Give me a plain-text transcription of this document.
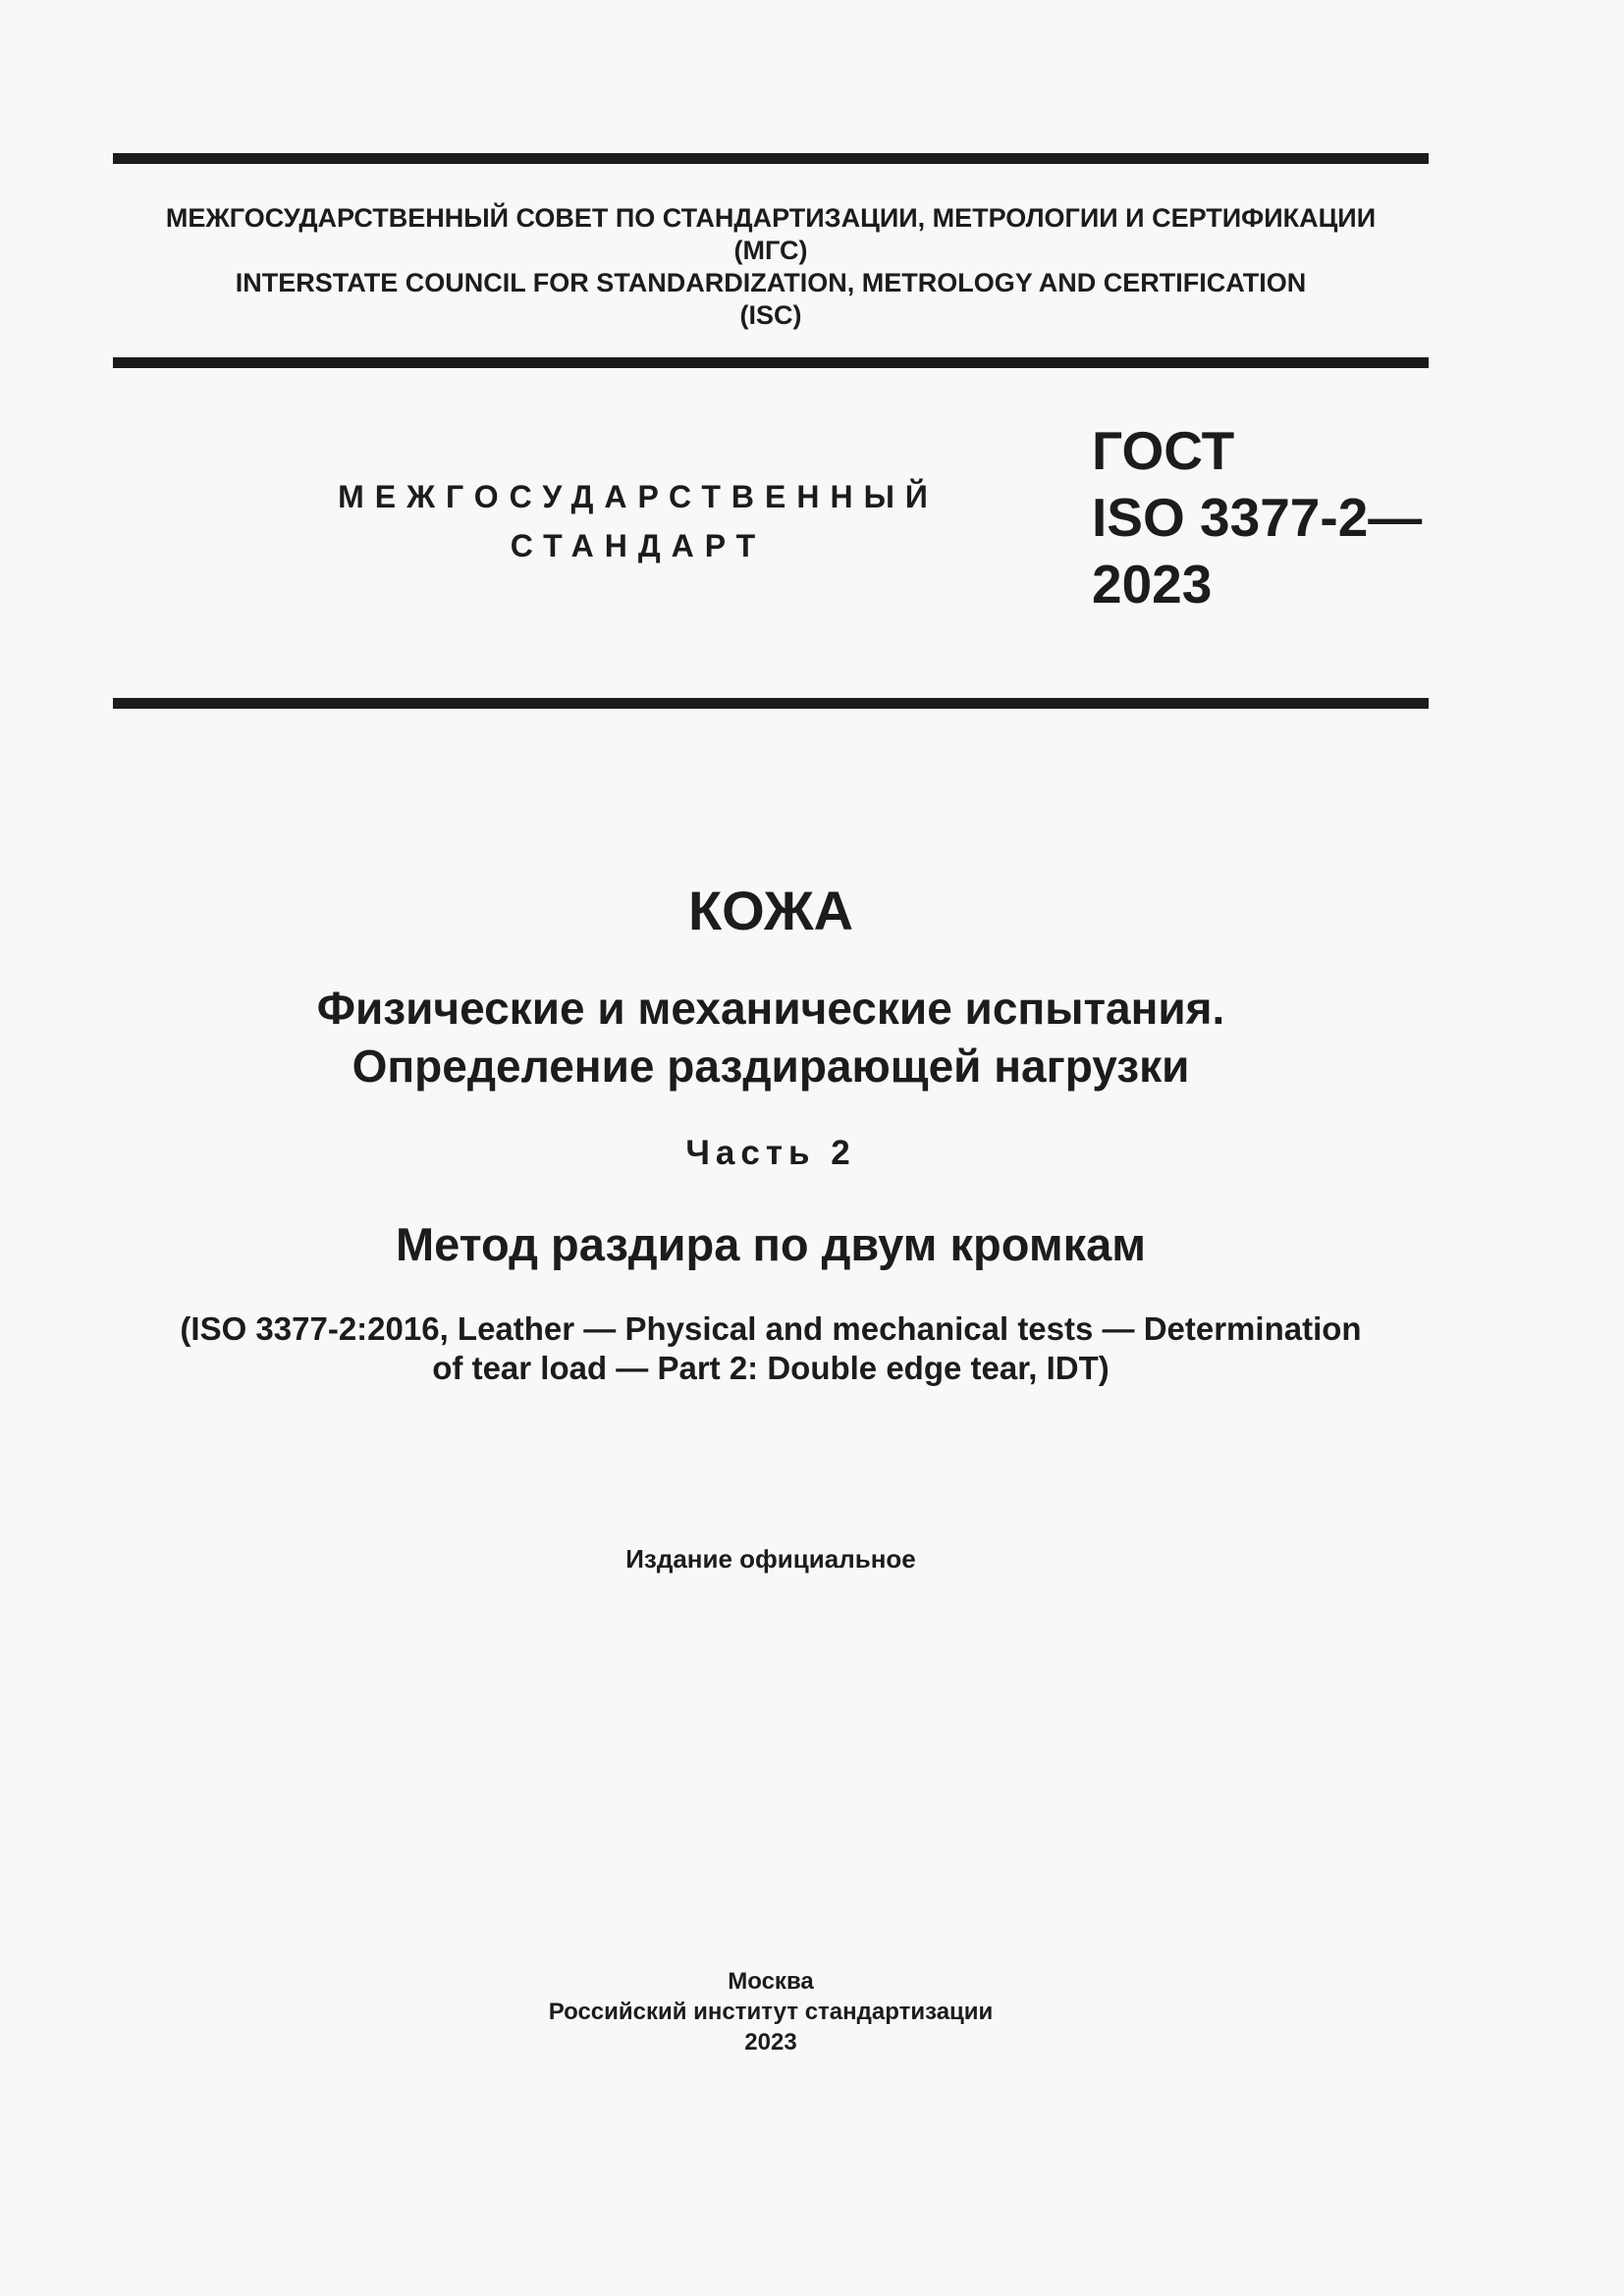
МЕЖГОСУДАРСТВЕННЫЙ СОВЕТ ПО СТАНДАРТИЗАЦИИ, МЕТРОЛОГИИ И СЕРТИФИКАЦИИ
(МГС)
INTERSTATE COUNCIL FOR STANDARDIZATION, METROLOGY AND CERTIFICATION
(ISC)
МЕЖГОСУДАРСТВЕННЫЙ
СТАНДАРТ
ГОСТ
ISO 3377-2—
2023
КОЖА
Физические и механические испытания.
Определение раздирающей нагрузки
Часть 2
Метод раздира по двум кромкам
(ISO 3377-2:2016, Leather — Physical and mechanical tests — Determination
of tear load — Part 2: Double edge tear, IDT)
Издание официальное
Москва
Российский институт стандартизации
2023
